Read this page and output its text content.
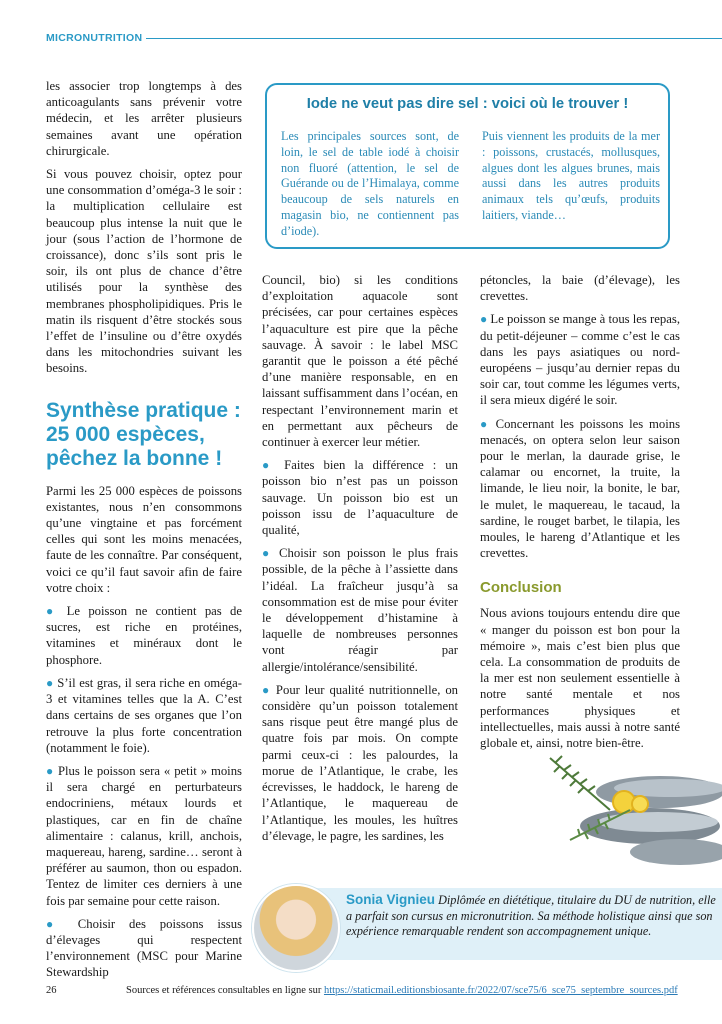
MICRONUTRITION

les associer trop longtemps à des anticoagulants sans prévenir votre médecin, et les arrêter plusieurs semaines avant une opération chirurgicale.

Si vous pouvez choisir, optez pour une consommation d’oméga-3 le soir : la multiplication cellulaire est beaucoup plus intense la nuit que le jour (sous l’action de l’hormone de croissance), donc s’ils sont pris le soir, ils ont plus de chance d’être utilisés pour la synthèse des membranes phospholipidiques. Pris le matin ils risquent d’être stockés sous l’effet de l’insuline ou d’être oxydés dans les mitochondries suivant les besoins.

Synthèse pratique : 25 000 espèces, pêchez la bonne !

Parmi les 25 000 espèces de poissons existantes, nous n’en consommons qu’une vingtaine et pas forcément celles qui sont les moins menacées, faute de les connaître. Par conséquent, voici ce qu’il faut savoir afin de faire votre choix :

● Le poisson ne contient pas de sucres, est riche en protéines, vitamines et minéraux dont le phosphore.

● S’il est gras, il sera riche en oméga-3 et vitamines telles que la A. C’est dans certains de ses organes que l’on retrouve la plus forte concentration (notamment le foie).

● Plus le poisson sera « petit » moins il sera chargé en perturbateurs endocriniens, métaux lourds et plastiques, car en fin de chaîne alimentaire : calanus, krill, anchois, maquereau, hareng, sardine… seront à préférer au saumon, thon ou espadon. Tentez de limiter ces derniers à une fois par semaine pour cette raison.

● Choisir des poissons issus d’élevages qui respectent l’environnement (MSC pour Marine Stewardship

Iode ne veut pas dire sel : voici où le trouver !
Les principales sources sont, de loin, le sel de table iodé à choisir non fluoré (attention, le sel de Guérande ou de l’Himalaya, comme beaucoup de sels naturels en magasin bio, ne contiennent pas d’iode).
Puis viennent les produits de la mer : poissons, crustacés, mollusques, algues dont les algues brunes, mais aussi dans les autres produits animaux tels qu’œufs, produits laitiers, viande…

Council, bio) si les conditions d’exploitation aquacole sont précisées, car pour certaines espèces l’aquaculture est pire que la pêche sauvage. À savoir : le label MSC garantit que le poisson a été pêché d’une manière responsable, en en laissant suffisamment dans l’océan, en respectant l’environnement marin et en permettant aux pêcheurs de continuer à exercer leur métier.

● Faites bien la différence : un poisson bio n’est pas un poisson sauvage. Un poisson bio est un poisson issu de l’aquaculture de qualité,

● Choisir son poisson le plus frais possible, de la pêche à l’assiette dans l’idéal. La fraîcheur jusqu’à sa consommation est de mise pour éviter le développement d’histamine à laquelle de nombreuses personnes vont réagir par allergie/intolérance/sensibilité.

● Pour leur qualité nutritionnelle, on considère qu’un poisson totalement sans risque peut être mangé plus de quatre fois par mois. On compte parmi ceux-ci : les palourdes, la morue de l’Atlantique, le crabe, les écrevisses, le haddock, le hareng de l’Atlantique, le maquereau de l’Atlantique, les moules, les huîtres d’élevage, le pagre, les sardines, les

pétoncles, la baie (d’élevage), les crevettes.

● Le poisson se mange à tous les repas, du petit-déjeuner – comme c’est le cas dans les pays asiatiques ou nord-européens – jusqu’au dernier repas du soir car, tout comme les légumes verts, il sera mieux digéré le soir.

● Concernant les poissons les moins menacés, on optera selon leur saison pour le merlan, la daurade grise, le calamar ou encornet, la truite, la limande, le lieu noir, la bonite, le bar, le mulet, le maquereau, le tacaud, la sardine, le rouget barbet, le tilapia, les moules, le hareng d’Atlantique et les crevettes.

Conclusion

Nous avions toujours entendu dire que « manger du poisson est bon pour la mémoire », mais c’est bien plus que cela. La consommation de produits de la mer est non seulement essentielle à notre santé mentale et nos performances physiques et intellectuelles, mais aussi à notre santé globale et, ainsi, notre bien-être.

Sonia Vignieu Diplômée en diététique, titulaire du DU de nutrition, elle a parfait son cursus en micronutrition. Sa méthode holistique ainsi que son expérience remarquable rendent son accompagnement unique.
26	Sources et références consultables en ligne sur https://staticmail.editionsbiosante.fr/2022/07/sce75/6_sce75_septembre_sources.pdf
